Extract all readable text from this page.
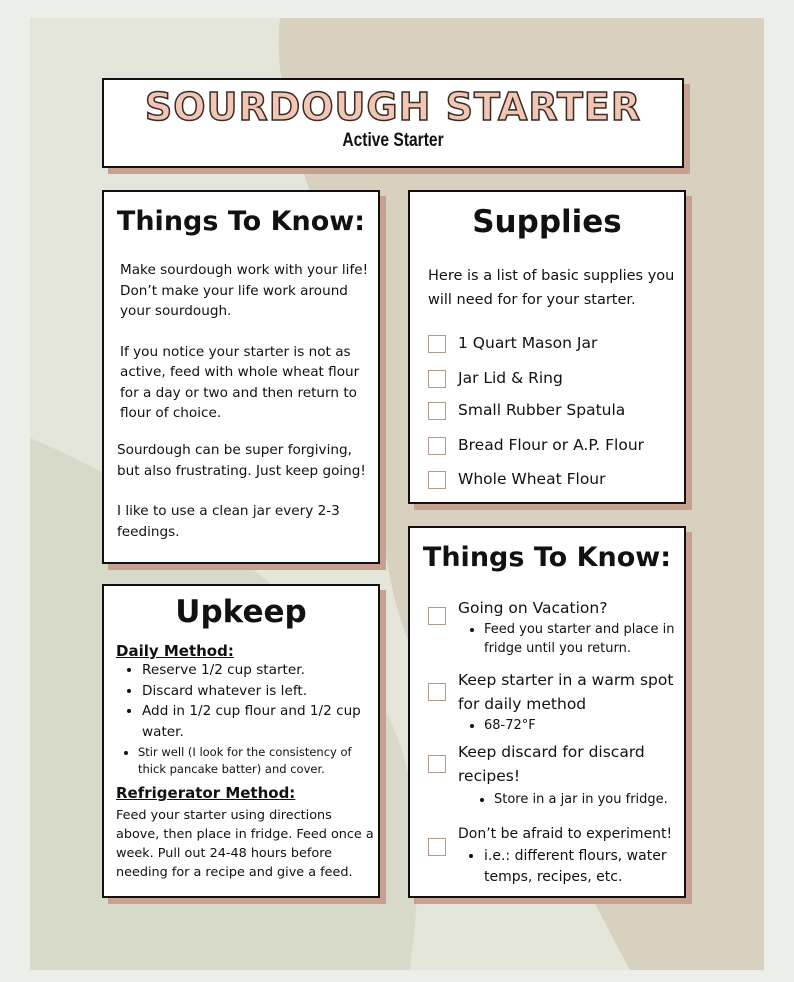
SOURDOUGH STARTER
Active Starter
Things To Know:

Make sourdough work with your life! Don’t make your life work around your sourdough.

If you notice your starter is not as active, feed with whole wheat flour for a day or two and then return to flour of choice.

Sourdough can be super forgiving, but also frustrating. Just keep going!

I like to use a clean jar every 2-3 feedings.

Supplies
Here is a list of basic supplies you will need for for your starter.
1 Quart Mason Jar
Jar Lid & Ring
Small Rubber Spatula
Bread Flour or A.P. Flour
Whole Wheat Flour
Upkeep
Daily Method:
• Reserve 1/2 cup starter.
• Discard whatever is left.
• Add in 1/2 cup flour and 1/2 cup water.
• Stir well (I look for the consistency of thick pancake batter) and cover.
Refrigerator Method:

Feed your starter using directions above, then place in fridge. Feed once a week. Pull out 24-48 hours before needing for a recipe and give a feed.

Things To Know:
Going on Vacation?
• Feed you starter and place in fridge until you return.
Keep starter in a warm spot for daily method
• 68-72°F
Keep discard for discard recipes!
• Store in a jar in you fridge.
Don’t be afraid to experiment!
• i.e.: different flours, water temps, recipes, etc.
